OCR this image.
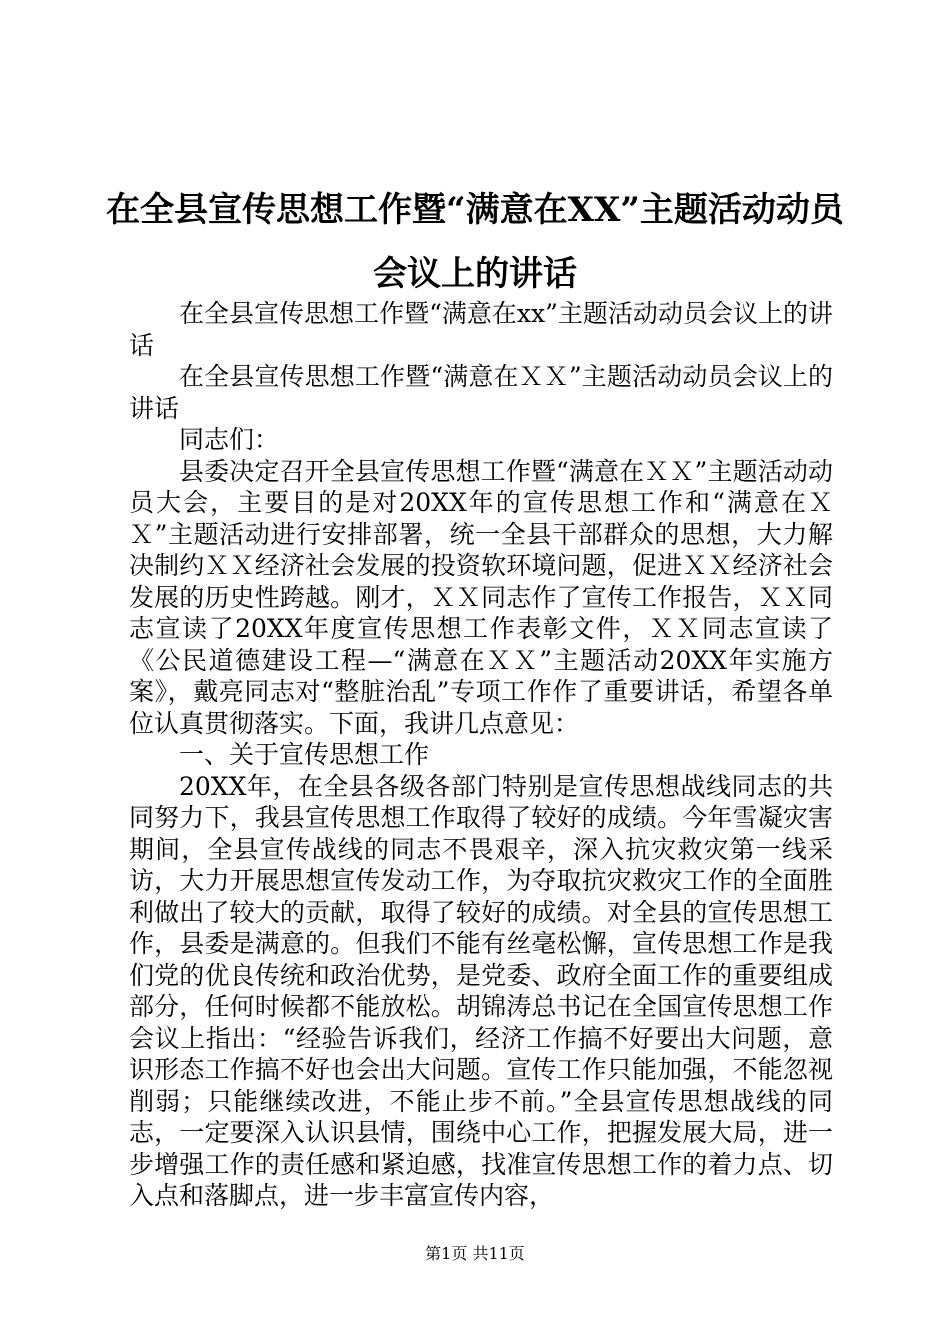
在全县宣传思想工作暨“满意在XX”主题活动动员会议上的讲话

在全县宣传思想工作暨“满意在xx”主题活动动员会议上的讲话

在全县宣传思想工作暨“满意在ＸＸ”主题活动动员会议上的讲话

同志们：

县委决定召开全县宣传思想工作暨“满意在ＸＸ”主题活动动员大会，主要目的是对20XX年的宣传思想工作和“满意在ＸＸ”主题活动进行安排部署，统一全县干部群众的思想，大力解决制约ＸＸ经济社会发展的投资软环境问题，促进ＸＸ经济社会发展的历史性跨越。刚才，ＸＸ同志作了宣传工作报告，ＸＸ同志宣读了20XX年度宣传思想工作表彰文件，ＸＸ同志宣读了《公民道德建设工程—“满意在ＸＸ”主题活动20XX年实施方案》，戴亮同志对“整脏治乱”专项工作作了重要讲话，希望各单位认真贯彻落实。下面，我讲几点意见：

一、关于宣传思想工作

20XX年，在全县各级各部门特别是宣传思想战线同志的共同努力下，我县宣传思想工作取得了较好的成绩。今年雪凝灾害期间，全县宣传战线的同志不畏艰辛，深入抗灾救灾第一线采访，大力开展思想宣传发动工作，为夺取抗灾救灾工作的全面胜利做出了较大的贡献，取得了较好的成绩。对全县的宣传思想工作，县委是满意的。但我们不能有丝毫松懈，宣传思想工作是我们党的优良传统和政治优势，是党委、政府全面工作的重要组成部分，任何时候都不能放松。胡锦涛总书记在全国宣传思想工作会议上指出：“经验告诉我们，经济工作搞不好要出大问题，意识形态工作搞不好也会出大问题。宣传工作只能加强，不能忽视削弱；只能继续改进，不能止步不前。”全县宣传思想战线的同志，一定要深入认识县情，围绕中心工作，把握发展大局，进一步增强工作的责任感和紧迫感，找准宣传思想工作的着力点、切入点和落脚点，进一步丰富宣传内容，

第1页 共11页
